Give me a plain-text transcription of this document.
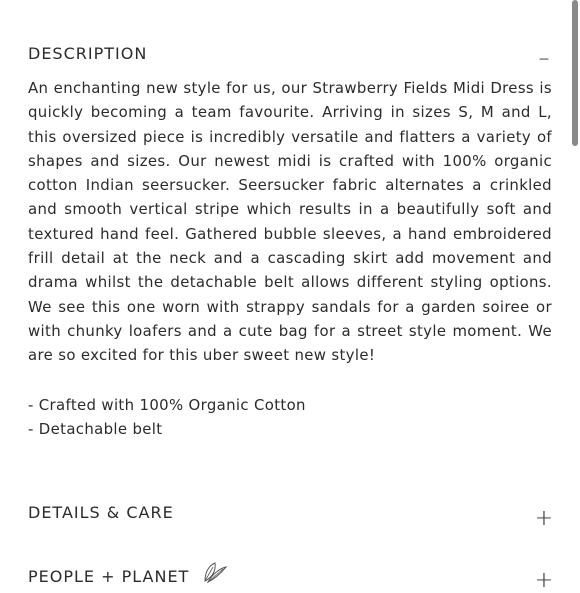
DESCRIPTION	–

An enchanting new style for us, our Strawberry Fields Midi Dress is quickly becoming a team favourite. Arriving in sizes S, M and L, this oversized piece is incredibly versatile and flatters a variety of shapes and sizes. Our newest midi is crafted with 100% organic cotton Indian seersucker. Seersucker fabric alternates a crinkled and smooth vertical stripe which results in a beautifully soft and textured hand feel. Gathered bubble sleeves, a hand embroidered frill detail at the neck and a cascading skirt add movement and drama whilst the detachable belt allows different styling options. We see this one worn with strappy sandals for a garden soiree or with chunky loafers and a cute bag for a street style moment. We are so excited for this uber sweet new style!

- Crafted with 100% Organic Cotton
- Detachable belt
DETAILS & CARE	+
PEOPLE + PLANET	+
